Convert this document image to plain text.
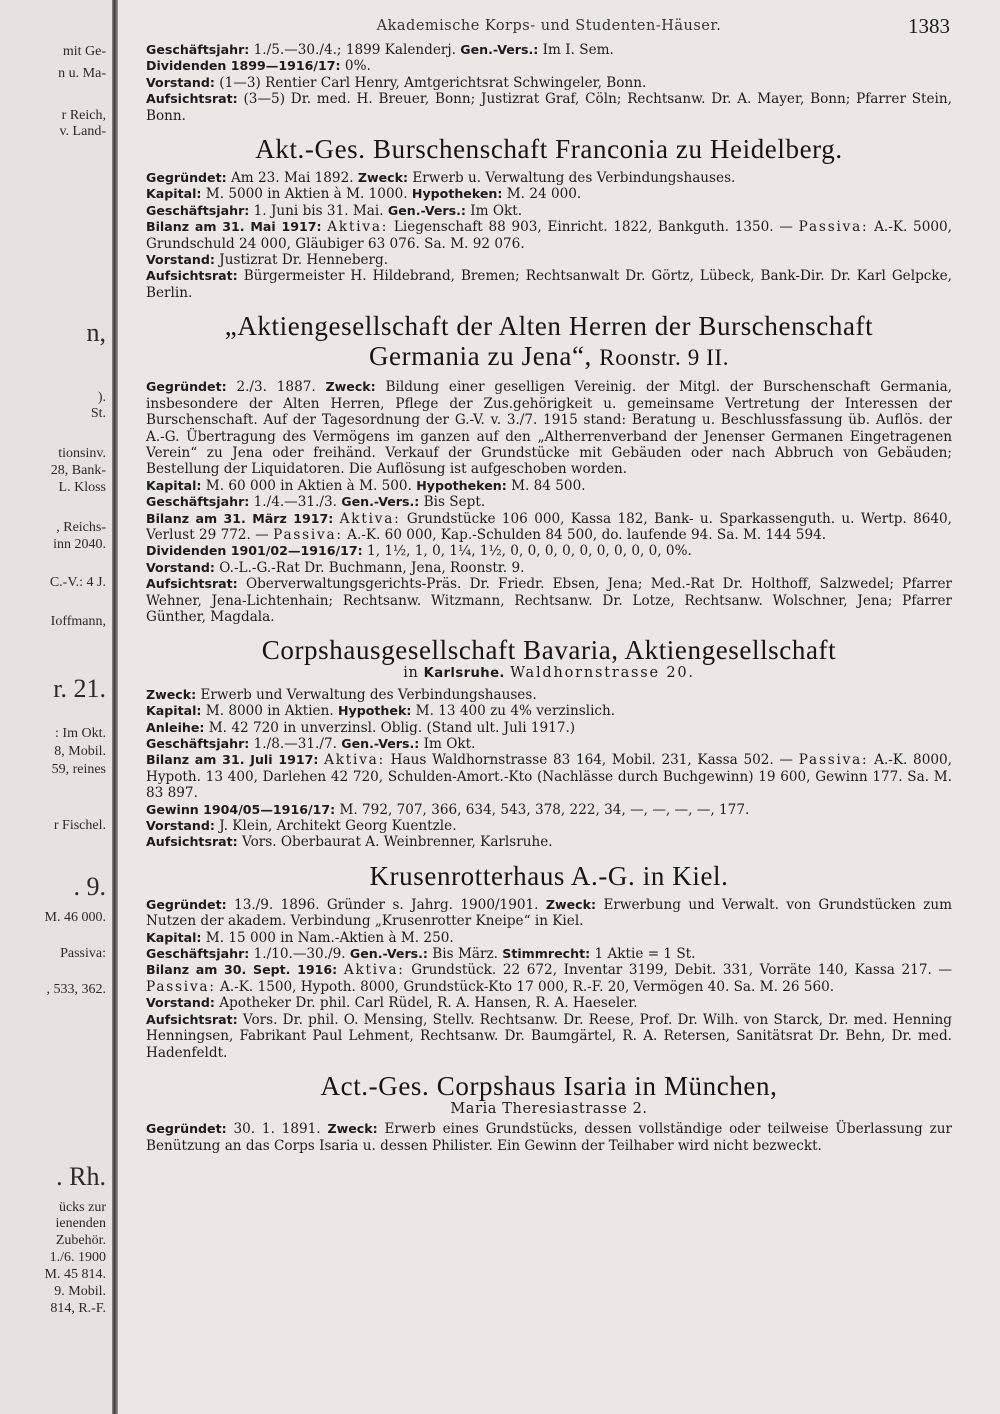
mit Ge-
n u. Ma-
r Reich,
v. Land-
n,
).
St.
tionsinv.
28, Bank-
L. Kloss
, Reichs-
inn 2040.
C.-V.: 4 J.
Ioffmann,
r. 21.
: Im Okt.
8, Mobil.
59, reines
r Fischel.
. 9.
M. 46 000.
Passiva:
, 533, 362.
. Rh.
ücks zur
ienenden
Zubehör.
1./6. 1900
M. 45 814.
9. Mobil.
814, R.-F.
Akademische Korps- und Studenten-Häuser.	1383

Geschäftsjahr: 1./5.—30./4.; 1899 Kalenderj. Gen.-Vers.: Im I. Sem.

Dividenden 1899—1916/17: 0%.

Vorstand: (1—3) Rentier Carl Henry, Amtgerichtsrat Schwingeler, Bonn.

Aufsichtsrat: (3—5) Dr. med. H. Breuer, Bonn; Justizrat Graf, Cöln; Rechtsanw. Dr. A. Mayer, Bonn; Pfarrer Stein, Bonn.

Akt.-Ges. Burschenschaft Franconia zu Heidelberg.

Gegründet: Am 23. Mai 1892. Zweck: Erwerb u. Verwaltung des Verbindungshauses.

Kapital: M. 5000 in Aktien à M. 1000. Hypotheken: M. 24 000.

Geschäftsjahr: 1. Juni bis 31. Mai. Gen.-Vers.: Im Okt.

Bilanz am 31. Mai 1917: Aktiva: Liegenschaft 88 903, Einricht. 1822, Bankguth. 1350. — Passiva: A.-K. 5000, Grundschuld 24 000, Gläubiger 63 076. Sa. M. 92 076.

Vorstand: Justizrat Dr. Henneberg.

Aufsichtsrat: Bürgermeister H. Hildebrand, Bremen; Rechtsanwalt Dr. Görtz, Lübeck, Bank-Dir. Dr. Karl Gelpcke, Berlin.

„Aktiengesellschaft der Alten Herren der Burschenschaft
Germania zu Jena“, Roonstr. 9 II.

Gegründet: 2./3. 1887. Zweck: Bildung einer geselligen Vereinig. der Mitgl. der Burschenschaft Germania, insbesondere der Alten Herren, Pflege der Zus.gehörigkeit u. gemeinsame Vertretung der Interessen der Burschenschaft. Auf der Tagesordnung der G.-V. v. 3./7. 1915 stand: Beratung u. Beschlussfassung üb. Auflös. der A.-G. Übertragung des Vermögens im ganzen auf den „Altherrenverband der Jenenser Germanen Eingetragenen Verein“ zu Jena oder freihänd. Verkauf der Grundstücke mit Gebäuden oder nach Abbruch von Gebäuden; Bestellung der Liquidatoren. Die Auflösung ist aufgeschoben worden.

Kapital: M. 60 000 in Aktien à M. 500. Hypotheken: M. 84 500.

Geschäftsjahr: 1./4.—31./3. Gen.-Vers.: Bis Sept.

Bilanz am 31. März 1917: Aktiva: Grundstücke 106 000, Kassa 182, Bank- u. Sparkassenguth. u. Wertp. 8640, Verlust 29 772. — Passiva: A.-K. 60 000, Kap.-Schulden 84 500, do. laufende 94. Sa. M. 144 594.

Dividenden 1901/02—1916/17: 1, 1½, 1, 0, 1¼, 1½, 0, 0, 0, 0, 0, 0, 0, 0, 0, 0%.

Vorstand: O.-L.-G.-Rat Dr. Buchmann, Jena, Roonstr. 9.

Aufsichtsrat: Oberverwaltungsgerichts-Präs. Dr. Friedr. Ebsen, Jena; Med.-Rat Dr. Holthoff, Salzwedel; Pfarrer Wehner, Jena-Lichtenhain; Rechtsanw. Witzmann, Rechtsanw. Dr. Lotze, Rechtsanw. Wolschner, Jena; Pfarrer Günther, Magdala.

Corpshausgesellschaft Bavaria, Aktiengesellschaft
in Karlsruhe. Waldhornstrasse 20.

Zweck: Erwerb und Verwaltung des Verbindungshauses.

Kapital: M. 8000 in Aktien. Hypothek: M. 13 400 zu 4% verzinslich.

Anleihe: M. 42 720 in unverzinsl. Oblig. (Stand ult. Juli 1917.)

Geschäftsjahr: 1./8.—31./7. Gen.-Vers.: Im Okt.

Bilanz am 31. Juli 1917: Aktiva: Haus Waldhornstrasse 83 164, Mobil. 231, Kassa 502. — Passiva: A.-K. 8000, Hypoth. 13 400, Darlehen 42 720, Schulden-Amort.-Kto (Nachlässe durch Buchgewinn) 19 600, Gewinn 177. Sa. M. 83 897.

Gewinn 1904/05—1916/17: M. 792, 707, 366, 634, 543, 378, 222, 34, —, —, —, —, 177.

Vorstand: J. Klein, Architekt Georg Kuentzle.

Aufsichtsrat: Vors. Oberbaurat A. Weinbrenner, Karlsruhe.

Krusenrotterhaus A.-G. in Kiel.

Gegründet: 13./9. 1896. Gründer s. Jahrg. 1900/1901. Zweck: Erwerbung und Verwalt. von Grundstücken zum Nutzen der akadem. Verbindung „Krusenrotter Kneipe“ in Kiel.

Kapital: M. 15 000 in Nam.-Aktien à M. 250.

Geschäftsjahr: 1./10.—30./9. Gen.-Vers.: Bis März. Stimmrecht: 1 Aktie = 1 St.

Bilanz am 30. Sept. 1916: Aktiva: Grundstück. 22 672, Inventar 3199, Debit. 331, Vorräte 140, Kassa 217. — Passiva: A.-K. 1500, Hypoth. 8000, Grundstück-Kto 17 000, R.-F. 20, Vermögen 40. Sa. M. 26 560.

Vorstand: Apotheker Dr. phil. Carl Rüdel, R. A. Hansen, R. A. Haeseler.

Aufsichtsrat: Vors. Dr. phil. O. Mensing, Stellv. Rechtsanw. Dr. Reese, Prof. Dr. Wilh. von Starck, Dr. med. Henning Henningsen, Fabrikant Paul Lehment, Rechtsanw. Dr. Baumgärtel, R. A. Retersen, Sanitätsrat Dr. Behn, Dr. med. Hadenfeldt.

Act.-Ges. Corpshaus Isaria in München,
Maria Theresiastrasse 2.

Gegründet: 30. 1. 1891. Zweck: Erwerb eines Grundstücks, dessen vollständige oder teilweise Überlassung zur Benützung an das Corps Isaria u. dessen Philister. Ein Gewinn der Teilhaber wird nicht bezweckt.
